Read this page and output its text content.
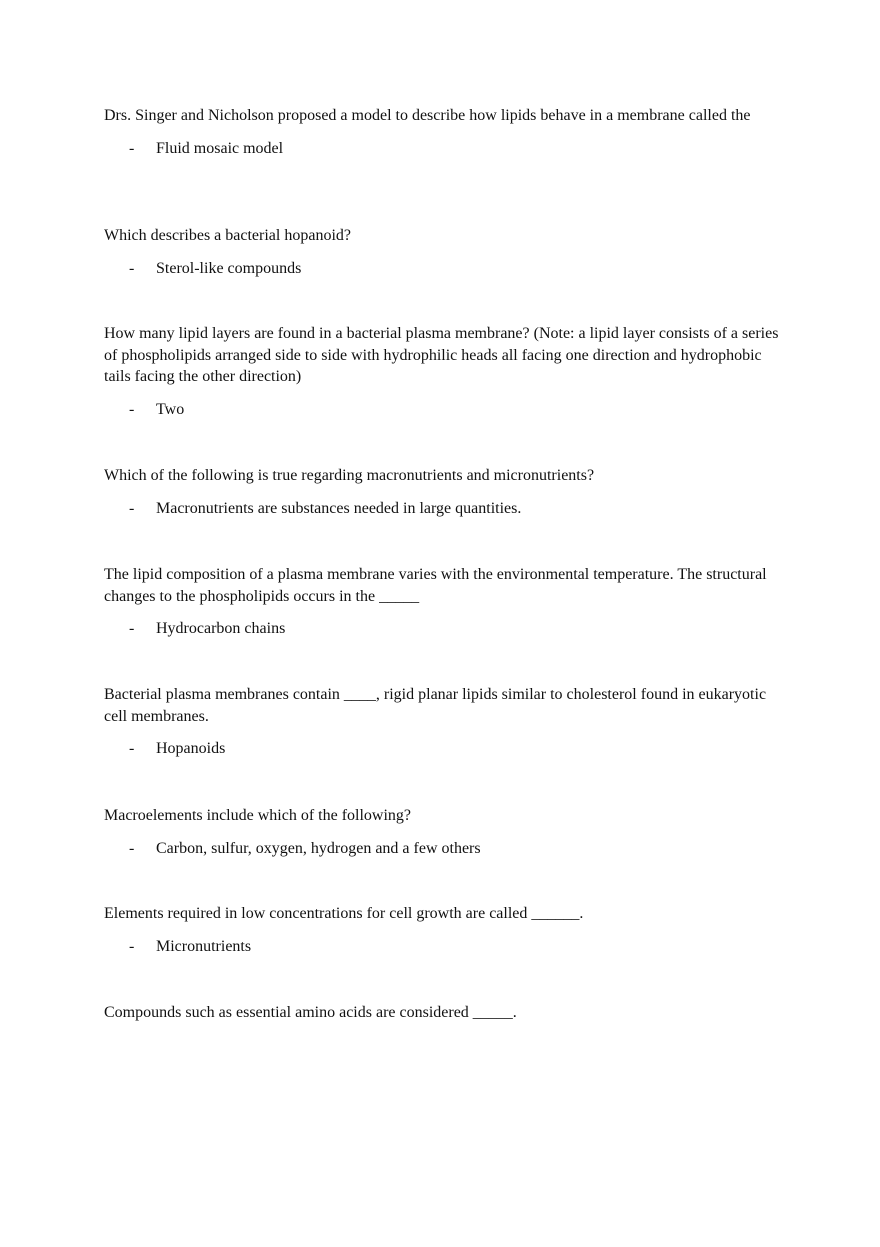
Drs. Singer and Nicholson proposed a model to describe how lipids behave in a membrane called the

- Fluid mosaic model

Which describes a bacterial hopanoid?

- Sterol-like compounds

How many lipid layers are found in a bacterial plasma membrane? (Note: a lipid layer consists of a series of phospholipids arranged side to side with hydrophilic heads all facing one direction and hydrophobic tails facing the other direction)

- Two

Which of the following is true regarding macronutrients and micronutrients?

- Macronutrients are substances needed in large quantities.

The lipid composition of a plasma membrane varies with the environmental temperature. The structural changes to the phospholipids occurs in the _____

- Hydrocarbon chains

Bacterial plasma membranes contain ____, rigid planar lipids similar to cholesterol found in eukaryotic cell membranes.

- Hopanoids

Macroelements include which of the following?

- Carbon, sulfur, oxygen, hydrogen and a few others

Elements required in low concentrations for cell growth are called ______.

- Micronutrients

Compounds such as essential amino acids are considered _____.
